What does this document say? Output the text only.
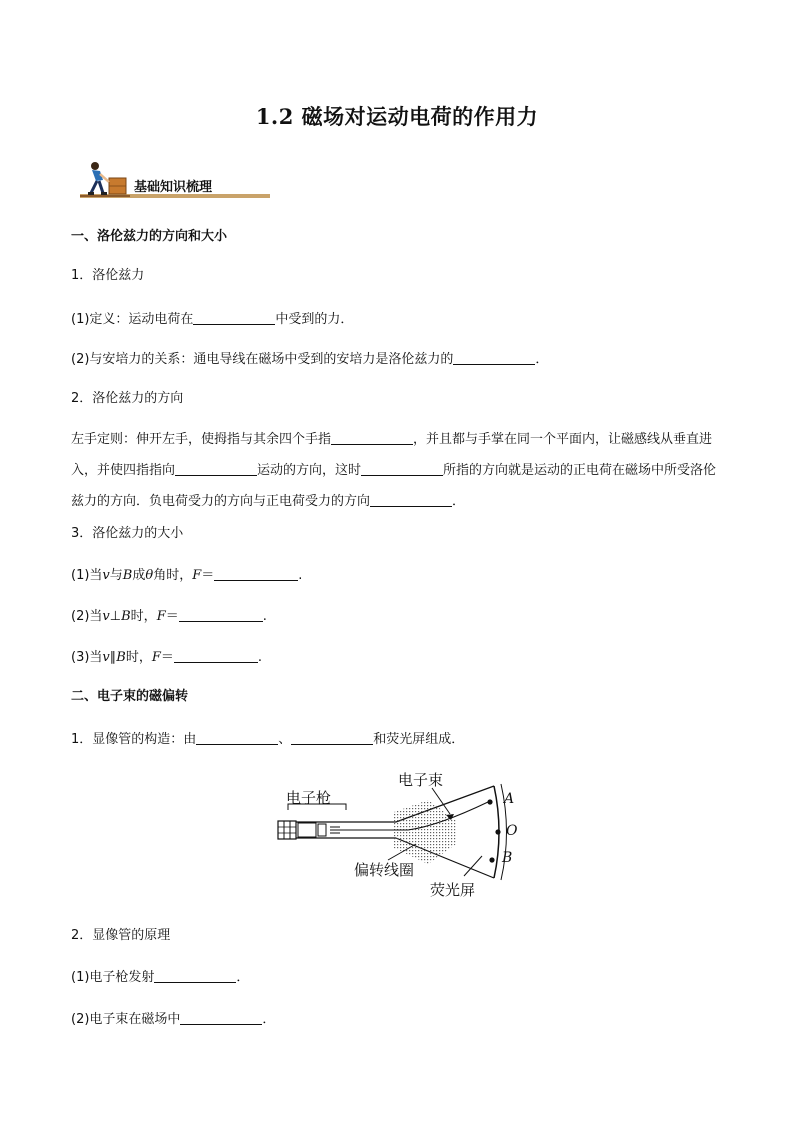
1.2 磁场对运动电荷的作用力
基础知识梳理
一、洛伦兹力的方向和大小
1．洛伦兹力
(1)定义：运动电荷在	中受到的力．
(2)与安培力的关系：通电导线在磁场中受到的安培力是洛伦兹力的	．
2．洛伦兹力的方向
左手定则：伸开左手，使拇指与其余四个手指	，并且都与手掌在同一个平面内，让磁感线从垂直进入，并使四指指向	运动的方向，这时	所指的方向就是运动的正电荷在磁场中所受洛伦兹力的方向．负电荷受力的方向与正电荷受力的方向	．
3．洛伦兹力的大小
(1)当v与B成θ角时，F＝	.
(2)当v⊥B时，F＝	.
(3)当v∥B时，F＝	.
二、电子束的磁偏转
1．显像管的构造：由	、	和荧光屏组成．
电子枪
电子束
偏转线圈
荧光屏
A
O
B
2．显像管的原理
(1)电子枪发射	．
(2)电子束在磁场中	．
